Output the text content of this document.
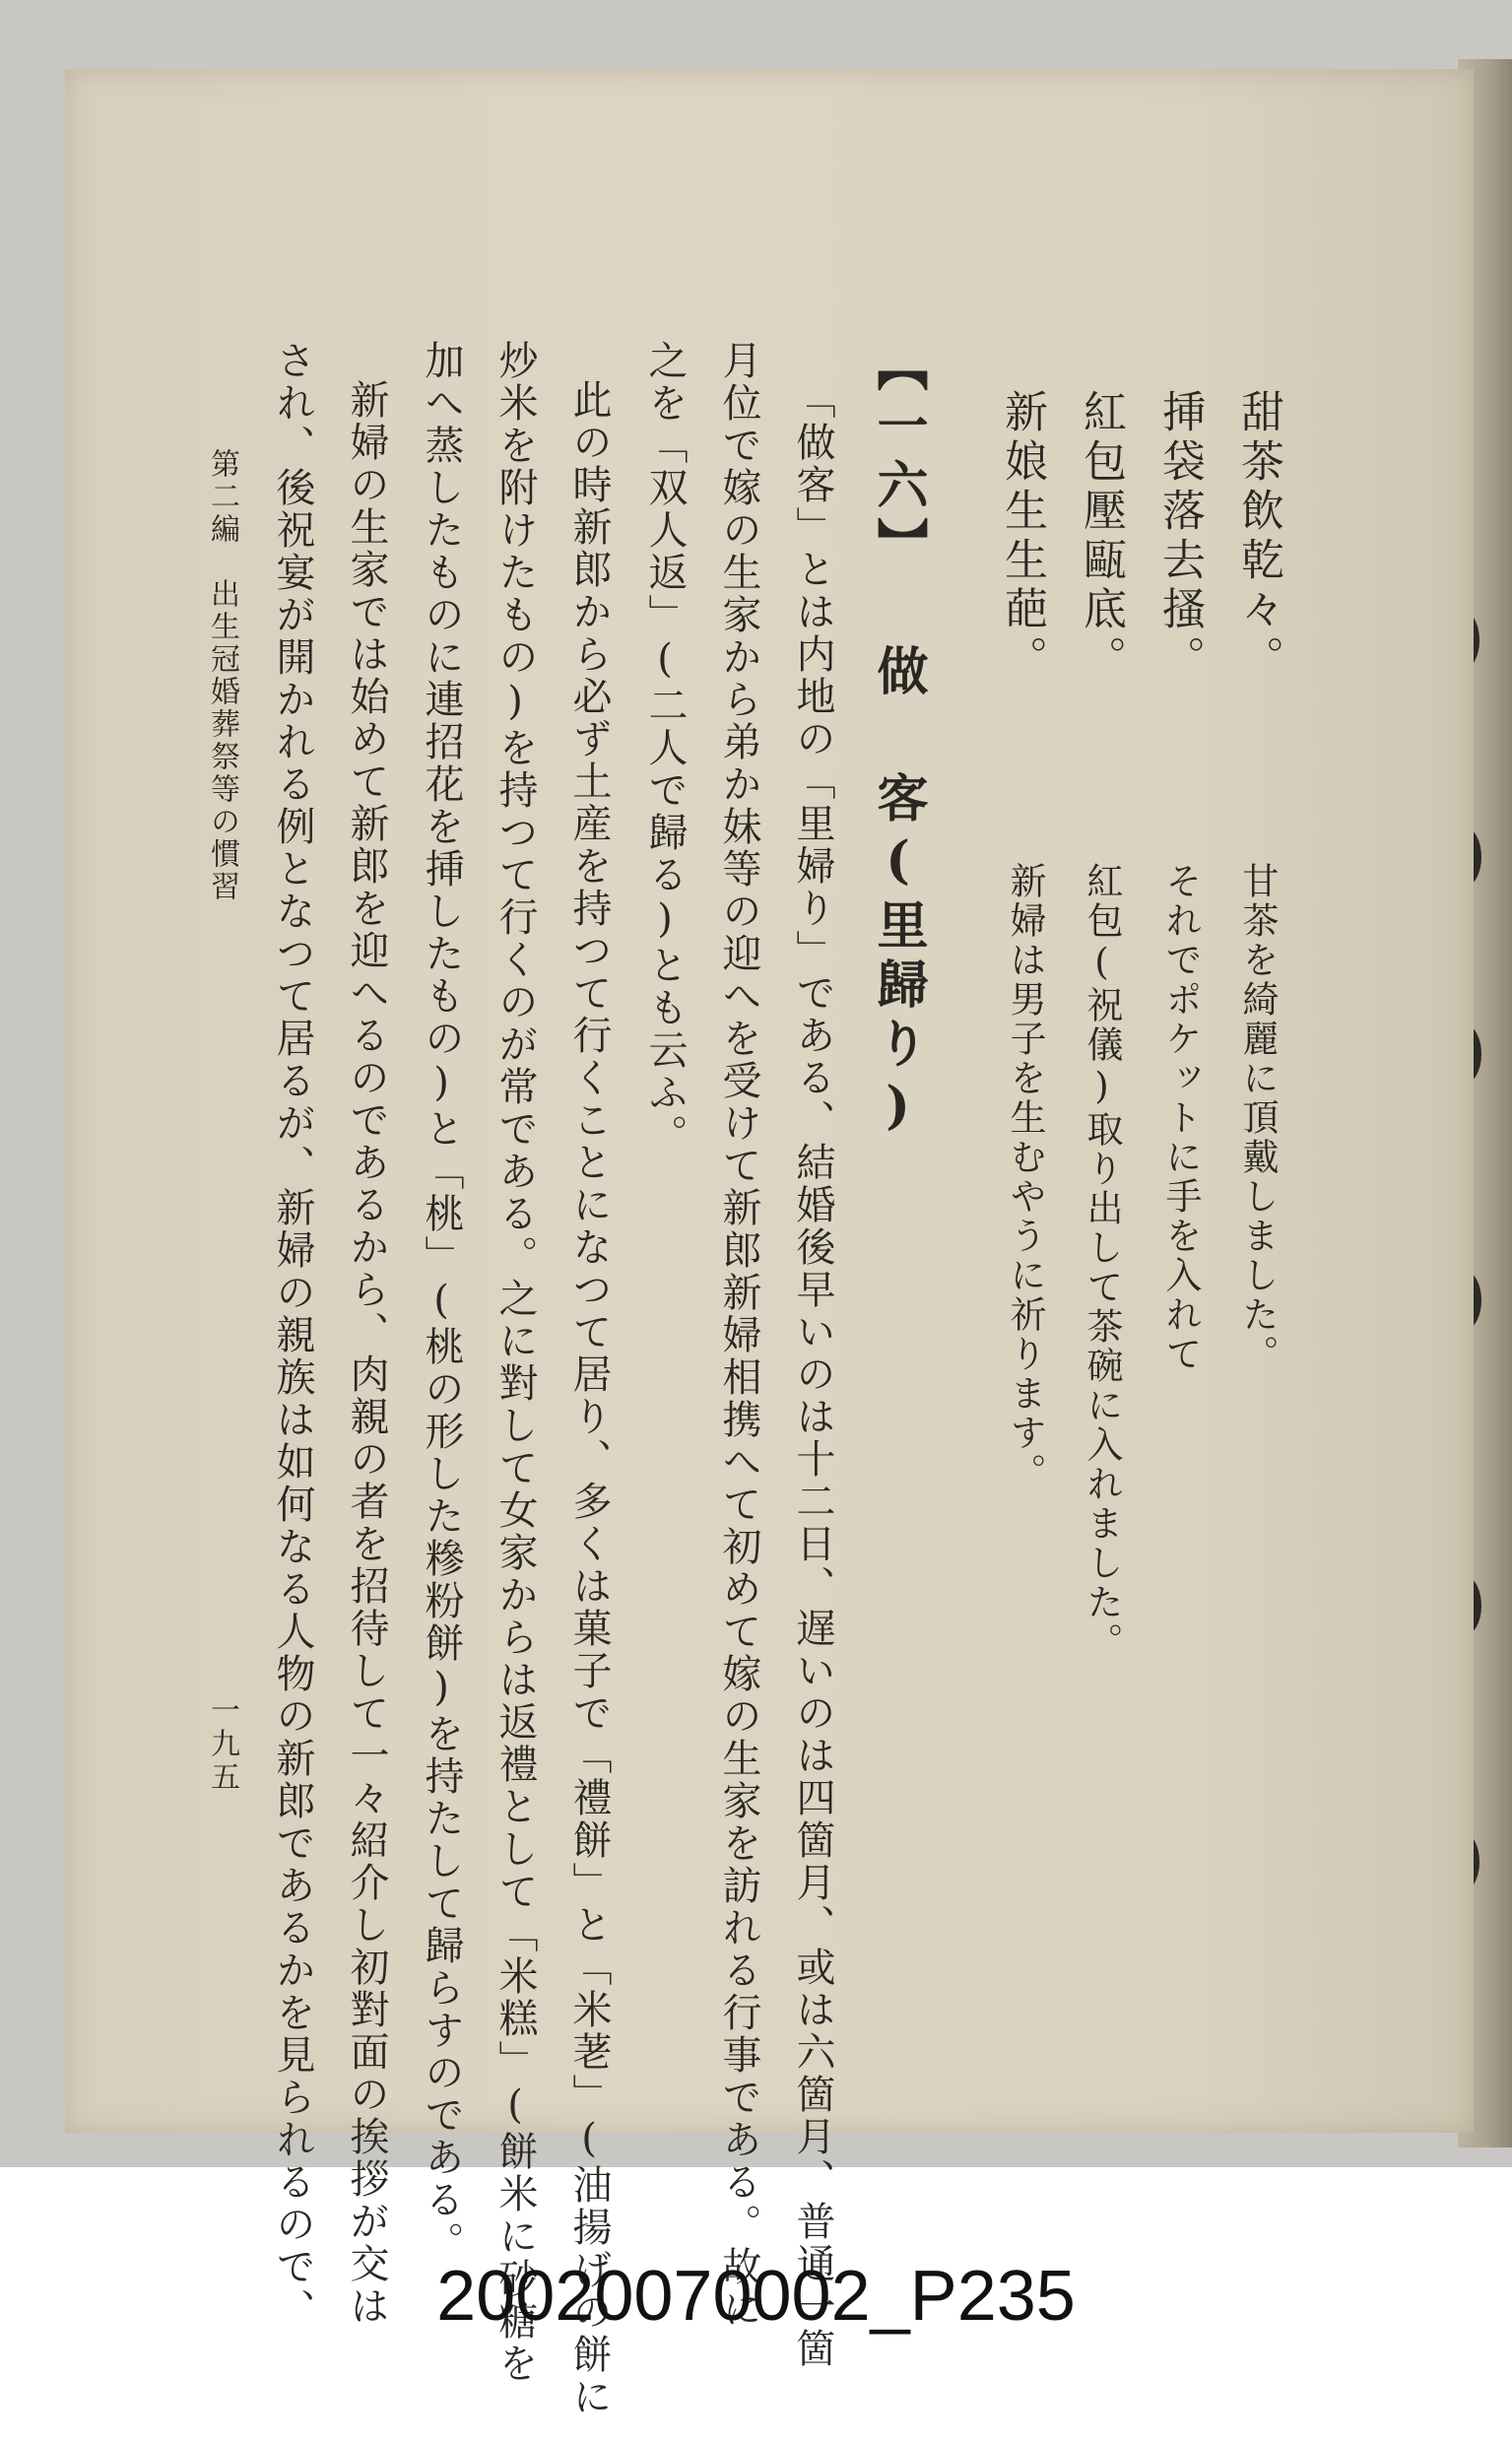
甜茶飲乾々。
挿袋落去搔。
紅包壓甌底。
新娘生生葩。
甘茶を綺麗に頂戴しました。
それでポケットに手を入れて
紅包(祝儀)取り出して茶碗に入れました。
新婦は男子を生むやうに祈ります。
【一六】 做 客(里歸り)
「做客」とは内地の「里婦り」である、結婚後早いのは十二日、遅いのは四箇月、或は六箇月、普通一箇
月位で嫁の生家から弟か妹等の迎へを受けて新郎新婦相携へて初めて嫁の生家を訪れる行事である。故に
之を「双人返」(二人で歸る)とも云ふ。
此の時新郎から必ず土産を持つて行くことになつて居り、多くは菓子で「禮餅」と「米荖」(油揚げの餅に
炒米を附けたもの)を持つて行くのが常である。之に對して女家からは返禮として「米糕」(餅米に砂糖を
加へ蒸したものに連招花を挿したもの)と「桃」(桃の形した糝粉餅)を持たして歸らすのである。
新婦の生家では始めて新郎を迎へるのであるから、肉親の者を招待して一々紹介し初對面の挨拶が交は
され、後祝宴が開かれる例となつて居るが、新婦の親族は如何なる人物の新郎であるかを見られるので、
第二編　出生冠婚葬祭等の慣習
一九五
20020070002_P235
